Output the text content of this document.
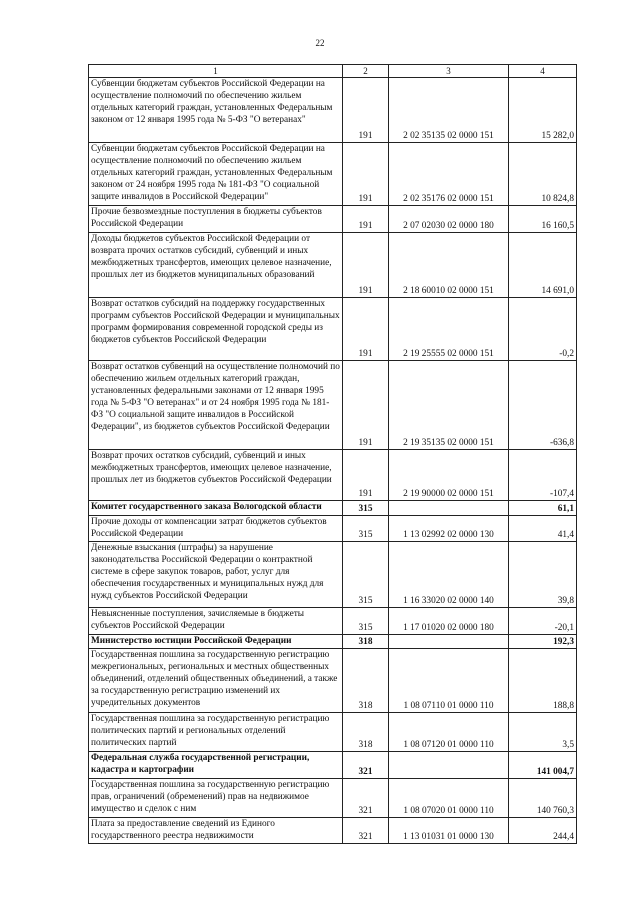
22
1	2	3	4
Субвенции бюджетам субъектов Российской Федерации на осуществление полномочий по обеспечению жильем отдельных категорий граждан, установленных Федеральным законом от 12 января 1995 года № 5-ФЗ "О ветеранах"	191	2 02 35135 02 0000 151	15 282,0
Субвенции бюджетам субъектов Российской Федерации на осуществление полномочий по обеспечению жильем отдельных категорий граждан, установленных Федеральным законом от 24 ноября 1995 года № 181-ФЗ "О социальной защите инвалидов в Российской Федерации"	191	2 02 35176 02 0000 151	10 824,8
Прочие безвозмездные поступления в бюджеты субъектов Российской Федерации	191	2 07 02030 02 0000 180	16 160,5
Доходы бюджетов субъектов Российской Федерации от возврата прочих остатков субсидий, субвенций и иных межбюджетных трансфертов, имеющих целевое назначение, прошлых лет из бюджетов муниципальных образований	191	2 18 60010 02 0000 151	14 691,0
Возврат остатков субсидий на поддержку государственных программ субъектов Российской Федерации и муниципальных программ формирования современной городской среды из бюджетов субъектов Российской Федерации	191	2 19 25555 02 0000 151	-0,2
Возврат остатков субвенций на осуществление полномочий по обеспечению жильем отдельных категорий граждан, установленных федеральными законами от 12 января 1995 года № 5-ФЗ "О ветеранах" и от 24 ноября 1995 года № 181-ФЗ "О социальной защите инвалидов в Российской Федерации", из бюджетов субъектов Российской Федерации	191	2 19 35135 02 0000 151	-636,8
Возврат прочих остатков субсидий, субвенций и иных межбюджетных трансфертов, имеющих целевое назначение, прошлых лет из бюджетов субъектов Российской Федерации	191	2 19 90000 02 0000 151	-107,4
Комитет государственного заказа Вологодской области	315		61,1
Прочие доходы от компенсации затрат бюджетов субъектов Российской Федерации	315	1 13 02992 02 0000 130	41,4
Денежные взыскания (штрафы) за нарушение законодательства Российской Федерации о контрактной системе в сфере закупок товаров, работ, услуг для обеспечения государственных и муниципальных нужд для нужд субъектов Российской Федерации	315	1 16 33020 02 0000 140	39,8
Невыясненные поступления, зачисляемые в бюджеты субъектов Российской Федерации	315	1 17 01020 02 0000 180	-20,1
Министерство юстиции Российской Федерации	318		192,3
Государственная пошлина за государственную регистрацию межрегиональных, региональных и местных общественных объединений, отделений общественных объединений, а также за государственную регистрацию изменений их учредительных документов	318	1 08 07110 01 0000 110	188,8
Государственная пошлина за государственную регистрацию политических партий и региональных отделений политических партий	318	1 08 07120 01 0000 110	3,5
Федеральная служба государственной регистрации, кадастра и картографии	321		141 004,7
Государственная пошлина за государственную регистрацию прав, ограничений (обременений) прав на недвижимое имущество и сделок с ним	321	1 08 07020 01 0000 110	140 760,3
Плата за предоставление сведений из Единого государственного реестра недвижимости	321	1 13 01031 01 0000 130	244,4
